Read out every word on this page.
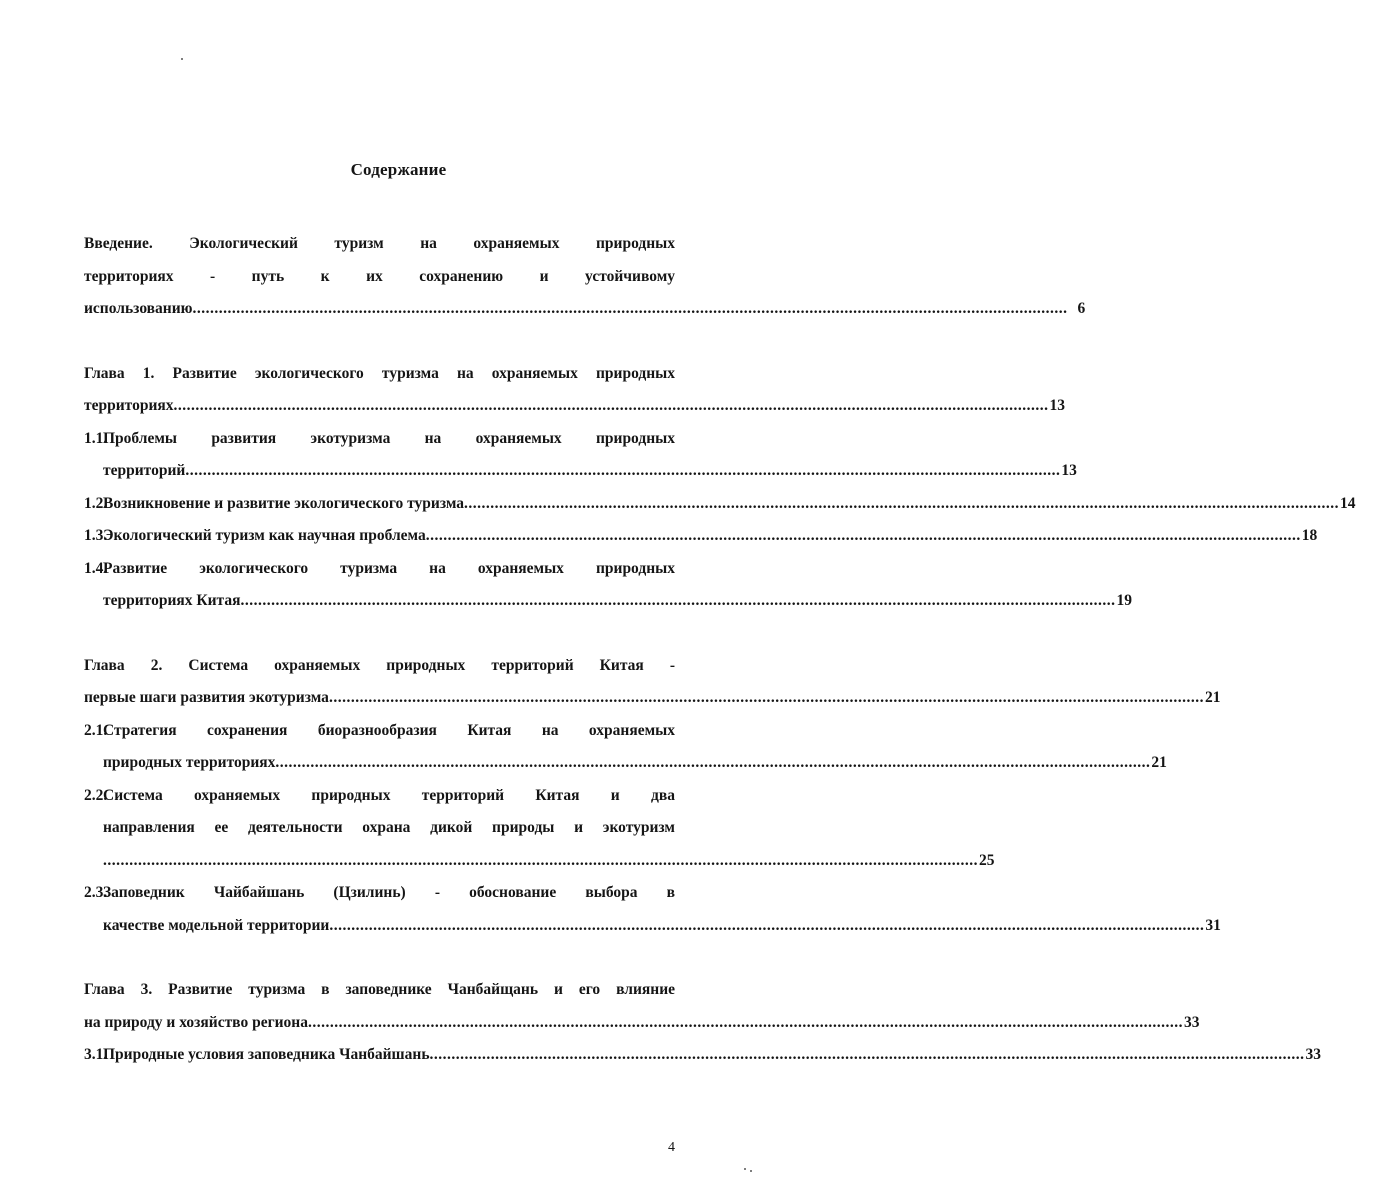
Содержание
Введение. Экологический туризм на охраняемых природных
территориях - путь к их сохранению и устойчивому
использованию ........................................................................................................................................................................................................ 6
Глава 1. Развитие экологического туризма на охраняемых природных
территориях ........................................................................................................................................................................................................ 13
1.1.
Проблемы развития экотуризма на охраняемых природных
территорий ........................................................................................................................................................................................................ 13
1.2.
Возникновение и развитие экологического туризма ........................................................................................................................................................................................................ 14
1.3.
Экологический туризм как научная проблема ........................................................................................................................................................................................................ 18
1.4.
Развитие экологического туризма на охраняемых природных
территориях Китая ........................................................................................................................................................................................................ 19
Глава 2. Система охраняемых природных территорий Китая -
первые шаги развития экотуризма ........................................................................................................................................................................................................ 21
2.1.
Стратегия сохранения биоразнообразия Китая на охраняемых
природных территориях ........................................................................................................................................................................................................ 21
2.2.
Система охраняемых природных территорий Китая и два
направления ее деятельности охрана дикой природы и экотуризм
........................................................................................................................................................................................................ 25
2.3.
Заповедник Чайбайшань (Цзилинь) - обоснование выбора в
качестве модельной территории ........................................................................................................................................................................................................ 31
Глава 3. Развитие туризма в заповеднике Чанбайщань и его влияние
на природу и хозяйство региона ........................................................................................................................................................................................................ 33
3.1.
Природные условия заповедника Чанбайшань ........................................................................................................................................................................................................ 33
4
